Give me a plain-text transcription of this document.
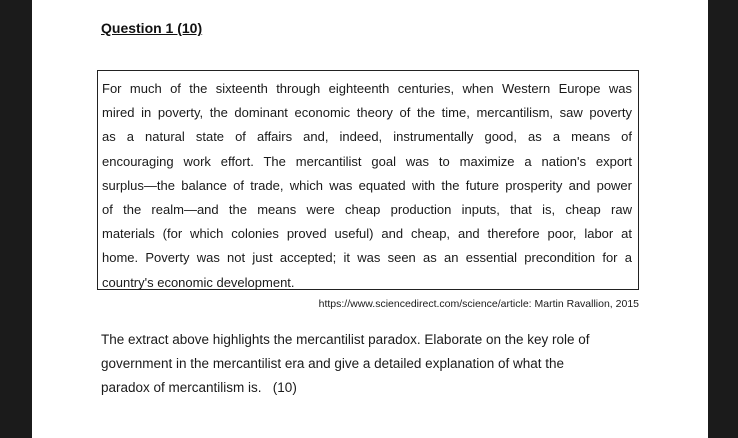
Question 1 (10)
For much of the sixteenth through eighteenth centuries, when Western Europe was
mired in poverty, the dominant economic theory of the time, mercantilism, saw poverty
as a natural state of affairs and, indeed, instrumentally good, as a means of
encouraging work effort. The mercantilist goal was to maximize a nation's export
surplus—the balance of trade, which was equated with the future prosperity and power
of the realm—and the means were cheap production inputs, that is, cheap raw
materials (for which colonies proved useful) and cheap, and therefore poor, labor at
home. Poverty was not just accepted; it was seen as an essential precondition for a
country's economic development.
https://www.sciencedirect.com/science/article: Martin Ravallion, 2015
The extract above highlights the mercantilist paradox. Elaborate on the key role of
government in the mercantilist era and give a detailed explanation of what the
paradox of mercantilism is.   (10)
